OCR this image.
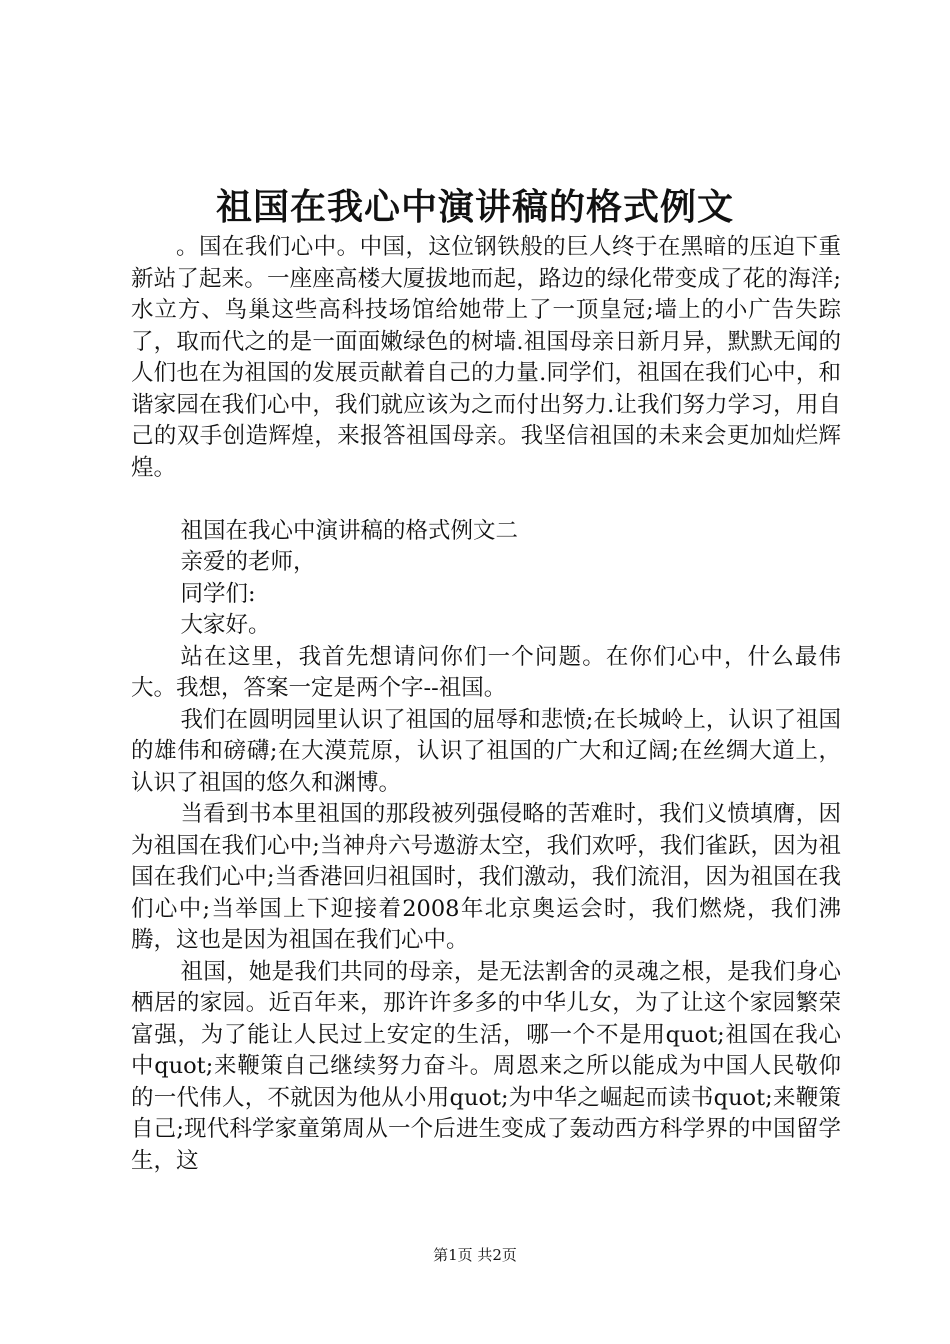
祖国在我心中演讲稿的格式例文

。国在我们心中。中国，这位钢铁般的巨人终于在黑暗的压迫下重新站了起来。一座座高楼大厦拔地而起，路边的绿化带变成了花的海洋;水立方、鸟巢这些高科技场馆给她带上了一顶皇冠;墙上的小广告失踪了，取而代之的是一面面嫩绿色的树墙.祖国母亲日新月异，默默无闻的人们也在为祖国的发展贡献着自己的力量.同学们，祖国在我们心中，和谐家园在我们心中，我们就应该为之而付出努力.让我们努力学习，用自己的双手创造辉煌，来报答祖国母亲。我坚信祖国的未来会更加灿烂辉煌。

祖国在我心中演讲稿的格式例文二

亲爱的老师，

同学们:

大家好。

站在这里，我首先想请问你们一个问题。在你们心中，什么最伟大。我想，答案一定是两个字--祖国。

我们在圆明园里认识了祖国的屈辱和悲愤;在长城岭上，认识了祖国的雄伟和磅礴;在大漠荒原，认识了祖国的广大和辽阔;在丝绸大道上，认识了祖国的悠久和渊博。

当看到书本里祖国的那段被列强侵略的苦难时，我们义愤填膺，因为祖国在我们心中;当神舟六号遨游太空，我们欢呼，我们雀跃，因为祖国在我们心中;当香港回归祖国时，我们激动，我们流泪，因为祖国在我们心中;当举国上下迎接着2008年北京奥运会时，我们燃烧，我们沸腾，这也是因为祖国在我们心中。

祖国，她是我们共同的母亲，是无法割舍的灵魂之根，是我们身心栖居的家园。近百年来，那许许多多的中华儿女，为了让这个家园繁荣富强，为了能让人民过上安定的生活，哪一个不是用quot;祖国在我心中quot;来鞭策自己继续努力奋斗。周恩来之所以能成为中国人民敬仰的一代伟人，不就因为他从小用quot;为中华之崛起而读书quot;来鞭策自己;现代科学家童第周从一个后进生变成了轰动西方科学界的中国留学生，这

第1页 共2页
